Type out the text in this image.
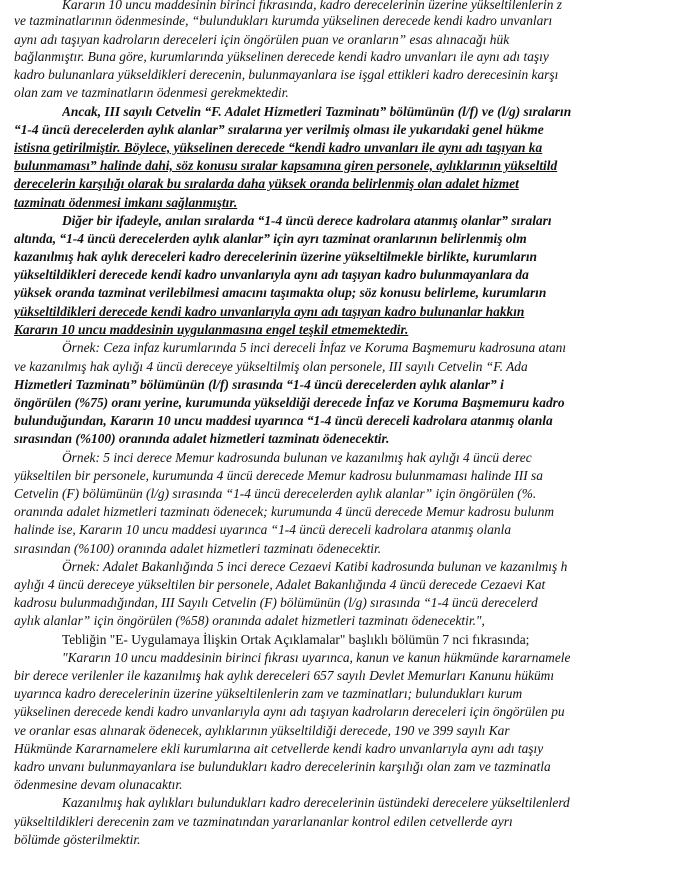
Kararın 10 uncu maddesinin birinci fıkrasında, kadro derecelerinin üzerine yükseltilenlerin z
ve tazminatlarının ödenmesinde, “bulundukları kurumda yükselinen derecede kendi kadro unvanları
aynı adı taşıyan kadroların dereceleri için öngörülen puan ve oranların” esas alınacağı hük
bağlanmıştır. Buna göre, kurumlarında yükselinen derecede kendi kadro unvanları ile aynı adı taşıy
kadro bulunanlara yükseldikleri derecenin, bulunmayanlara ise işgal ettikleri kadro derecesinin karşı
olan zam ve tazminatların ödenmesi gerekmektedir.
Ancak, III sayılı Cetvelin “F. Adalet Hizmetleri Tazminatı” bölümünün (l/f) ve (l/g) sıraların
“1-4 üncü derecelerden aylık alanlar” sıralarına yer verilmiş olması ile yukarıdaki genel hükme
istisna getirilmiştir. Böylece, yükselinen derecede “kendi kadro unvanları ile aynı adı taşıyan ka
bulunmaması” halinde dahi, söz konusu sıralar kapsamına giren personele, aylıklarının yükseltild
derecelerin karşılığı olarak bu sıralarda daha yüksek oranda belirlenmiş olan adalet hizmet
tazminatı ödenmesi imkanı sağlanmıştır.
Diğer bir ifadeyle, anılan sıralarda “1-4 üncü derece kadrolara atanmış olanlar” sıraları
altında, “1-4 üncü derecelerden aylık alanlar” için ayrı tazminat oranlarının belirlenmiş olm
kazanılmış hak aylık dereceleri kadro derecelerinin üzerine yükseltilmekle birlikte, kurumların
yükseltildikleri derecede kendi kadro unvanlarıyla aynı adı taşıyan kadro bulunmayanlara da
yüksek oranda tazminat verilebilmesi amacını taşımakta olup; söz konusu belirleme, kurumların
yükseltildikleri derecede kendi kadro unvanlarıyla aynı adı taşıyan kadro bulunanlar hakkın
Kararın 10 uncu maddesinin uygulanmasına engel teşkil etmemektedir.
Örnek: Ceza infaz kurumlarında 5 inci dereceli İnfaz ve Koruma Başmemuru kadrosuna atanı
ve kazanılmış hak aylığı 4 üncü dereceye yükseltilmiş olan personele, III sayılı Cetvelin “F. Ada
Hizmetleri Tazminatı” bölümünün (l/f) sırasında “1-4 üncü derecelerden aylık alanlar” i
öngörülen (%75) oranı yerine, kurumunda yükseldiği derecede İnfaz ve Koruma Başmemuru kadro
bulunduğundan, Kararın 10 uncu maddesi uyarınca “1-4 üncü dereceli kadrolara atanmış olanla
sırasından (%100) oranında adalet hizmetleri tazminatı ödenecektir.
Örnek: 5 inci derece Memur kadrosunda bulunan ve kazanılmış hak aylığı 4 üncü derec
yükseltilen bir personele, kurumunda 4 üncü derecede Memur kadrosu bulunmaması halinde III sa
Cetvelin (F) bölümünün (l/g) sırasında “1-4 üncü derecelerden aylık alanlar” için öngörülen (%.
oranında adalet hizmetleri tazminatı ödenecek; kurumunda 4 üncü derecede Memur kadrosu bulunm
halinde ise, Kararın 10 uncu maddesi uyarınca “1-4 üncü dereceli kadrolara atanmış olanla
sırasından (%100) oranında adalet hizmetleri tazminatı ödenecektir.
Örnek: Adalet Bakanlığında 5 inci derece Cezaevi Katibi kadrosunda bulunan ve kazanılmış h
aylığı 4 üncü dereceye yükseltilen bir personele, Adalet Bakanlığında 4 üncü derecede Cezaevi Kat
kadrosu bulunmadığından, III Sayılı Cetvelin (F) bölümünün (l/g) sırasında “1-4 üncü derecelerd
aylık alanlar” için öngörülen (%58) oranında adalet hizmetleri tazminatı ödenecektir.",
Tebliğin "E- Uygulamaya İlişkin Ortak Açıklamalar" başlıklı bölümün 7 nci fıkrasında;
"Kararın 10 uncu maddesinin birinci fıkrası uyarınca, kanun ve kanun hükmünde kararnamele
bir derece verilenler ile kazanılmış hak aylık dereceleri 657 sayılı Devlet Memurları Kanunu hükümı
uyarınca kadro derecelerinin üzerine yükseltilenlerin zam ve tazminatları; bulundukları kurum
yükselinen derecede kendi kadro unvanlarıyla aynı adı taşıyan kadroların dereceleri için öngörülen pu
ve oranlar esas alınarak ödenecek, aylıklarının yükseltildiği derecede, 190 ve 399 sayılı Kar
Hükmünde Kararnamelere ekli kurumlarına ait cetvellerde kendi kadro unvanlarıyla aynı adı taşıy
kadro unvanı bulunmayanlara ise bulundukları kadro derecelerinin karşılığı olan zam ve tazminatla
ödenmesine devam olunacaktır.
Kazanılmış hak aylıkları bulundukları kadro derecelerinin üstündeki derecelere yükseltilenlerd
yükseltildikleri derecenin zam ve tazminatından yararlananlar kontrol edilen cetvellerde ayrı
bölümde gösterilmektir.
